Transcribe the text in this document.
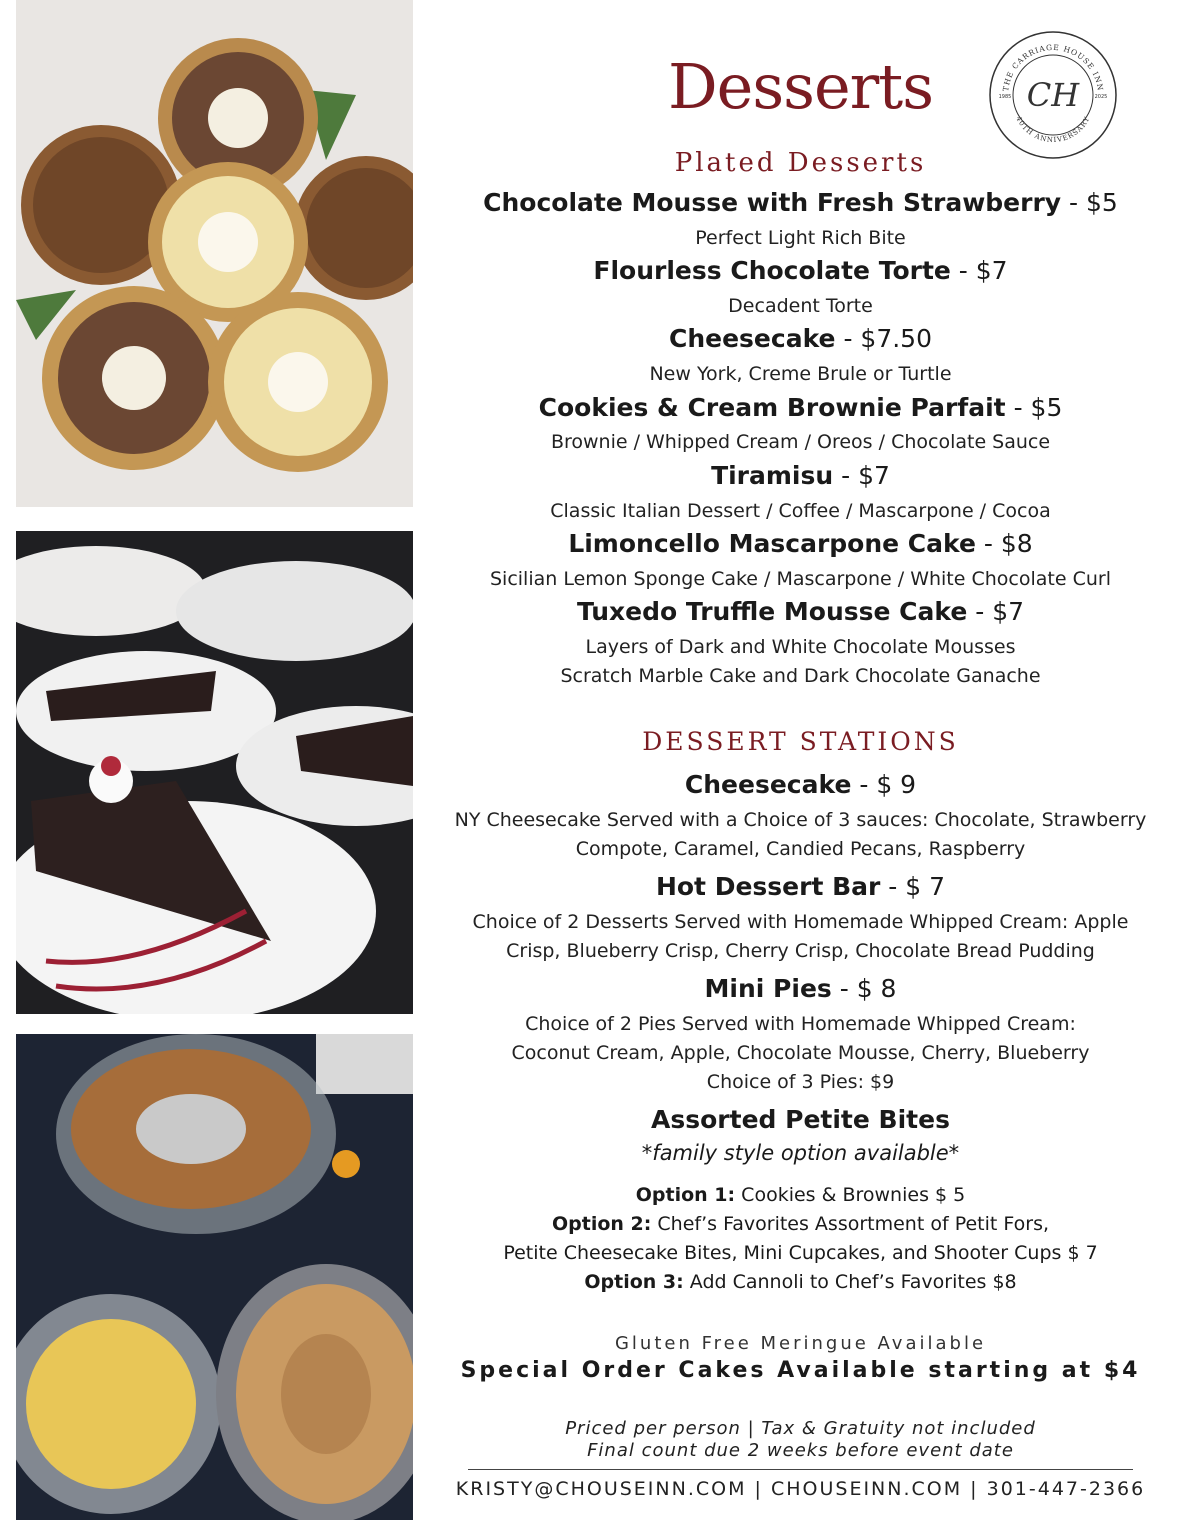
THE CARRIAGE HOUSE INN
40TH ANNIVERSARY
CH
1985	2025
Desserts
Plated Desserts
Chocolate Mousse with Fresh Strawberry - $5
Perfect Light Rich Bite
Flourless Chocolate Torte - $7
Decadent Torte
Cheesecake - $7.50
New York, Creme Brule or Turtle
Cookies & Cream Brownie Parfait - $5
Brownie / Whipped Cream / Oreos / Chocolate Sauce
Tiramisu - $7
Classic Italian Dessert / Coffee / Mascarpone / Cocoa
Limoncello Mascarpone Cake - $8
Sicilian Lemon Sponge Cake / Mascarpone / White Chocolate Curl
Tuxedo Truffle Mousse Cake - $7
Layers of Dark and White Chocolate Mousses
Scratch Marble Cake and Dark Chocolate Ganache
DESSERT STATIONS
Cheesecake - $ 9
NY Cheesecake Served with a Choice of 3 sauces: Chocolate, Strawberry
Compote, Caramel, Candied Pecans, Raspberry
Hot Dessert Bar - $ 7
Choice of 2 Desserts Served with Homemade Whipped Cream: Apple
Crisp, Blueberry Crisp, Cherry Crisp, Chocolate Bread Pudding
Mini Pies - $ 8
Choice of 2 Pies Served with Homemade Whipped Cream:
Coconut Cream, Apple, Chocolate Mousse, Cherry, Blueberry
Choice of 3 Pies: $9
Assorted Petite Bites
*family style option available*
Option 1: Cookies & Brownies $ 5
Option 2: Chef’s Favorites Assortment of Petit Fors,
Petite Cheesecake Bites, Mini Cupcakes, and Shooter Cups $ 7
Option 3: Add Cannoli to Chef’s Favorites $8
Gluten Free Meringue Available
Special Order Cakes Available starting at $4
Priced per person | Tax & Gratuity not included
Final count due 2 weeks before event date
KRISTY@CHOUSEINN.COM | CHOUSEINN.COM | 301-447-2366
